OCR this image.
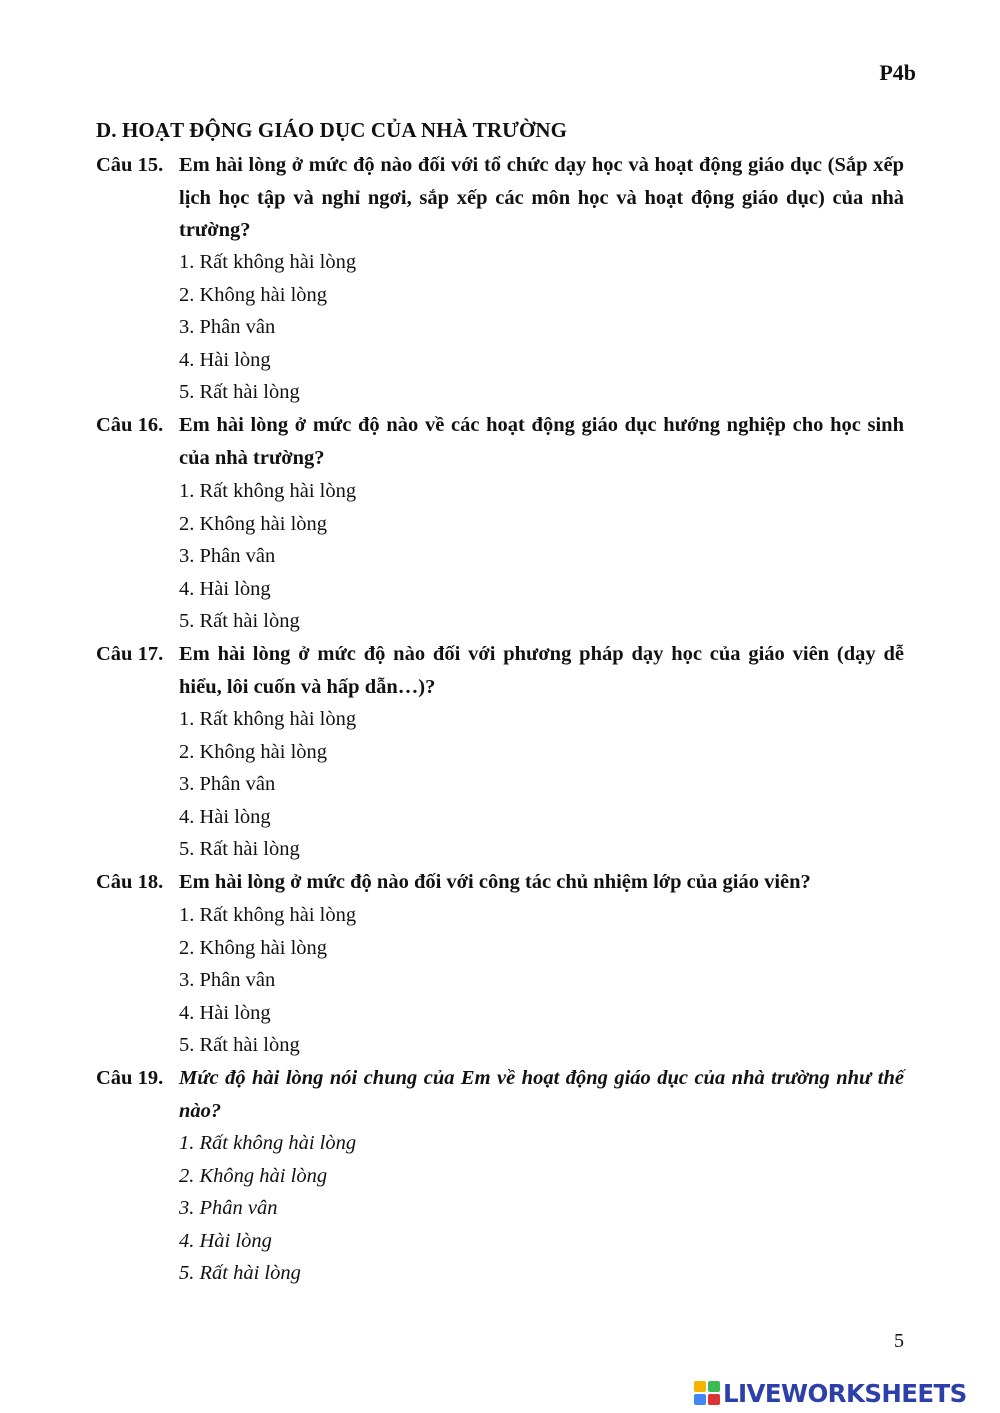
P4b
D. HOẠT ĐỘNG GIÁO DỤC CỦA NHÀ TRƯỜNG
Câu 15. Em hài lòng ở mức độ nào đối với tổ chức dạy học và hoạt động giáo dục (Sắp xếp lịch học tập và nghỉ ngơi, sắp xếp các môn học và hoạt động giáo dục) của nhà trường?
1. Rất không hài lòng
2. Không hài lòng
3. Phân vân
4. Hài lòng
5. Rất hài lòng
Câu 16. Em hài lòng ở mức độ nào về các hoạt động giáo dục hướng nghiệp cho học sinh của nhà trường?
1. Rất không hài lòng
2. Không hài lòng
3. Phân vân
4. Hài lòng
5. Rất hài lòng
Câu 17. Em hài lòng ở mức độ nào đối với phương pháp dạy học của giáo viên (dạy dễ hiểu, lôi cuốn và hấp dẫn…)?
1. Rất không hài lòng
2. Không hài lòng
3. Phân vân
4. Hài lòng
5. Rất hài lòng
Câu 18. Em hài lòng ở mức độ nào đối với công tác chủ nhiệm lớp của giáo viên?
1. Rất không hài lòng
2. Không hài lòng
3. Phân vân
4. Hài lòng
5. Rất hài lòng
Câu 19. Mức độ hài lòng nói chung của Em về hoạt động giáo dục của nhà trường như thế nào?
1. Rất không hài lòng
2. Không hài lòng
3. Phân vân
4. Hài lòng
5. Rất hài lòng
5
LIVEWORKSHEETS
